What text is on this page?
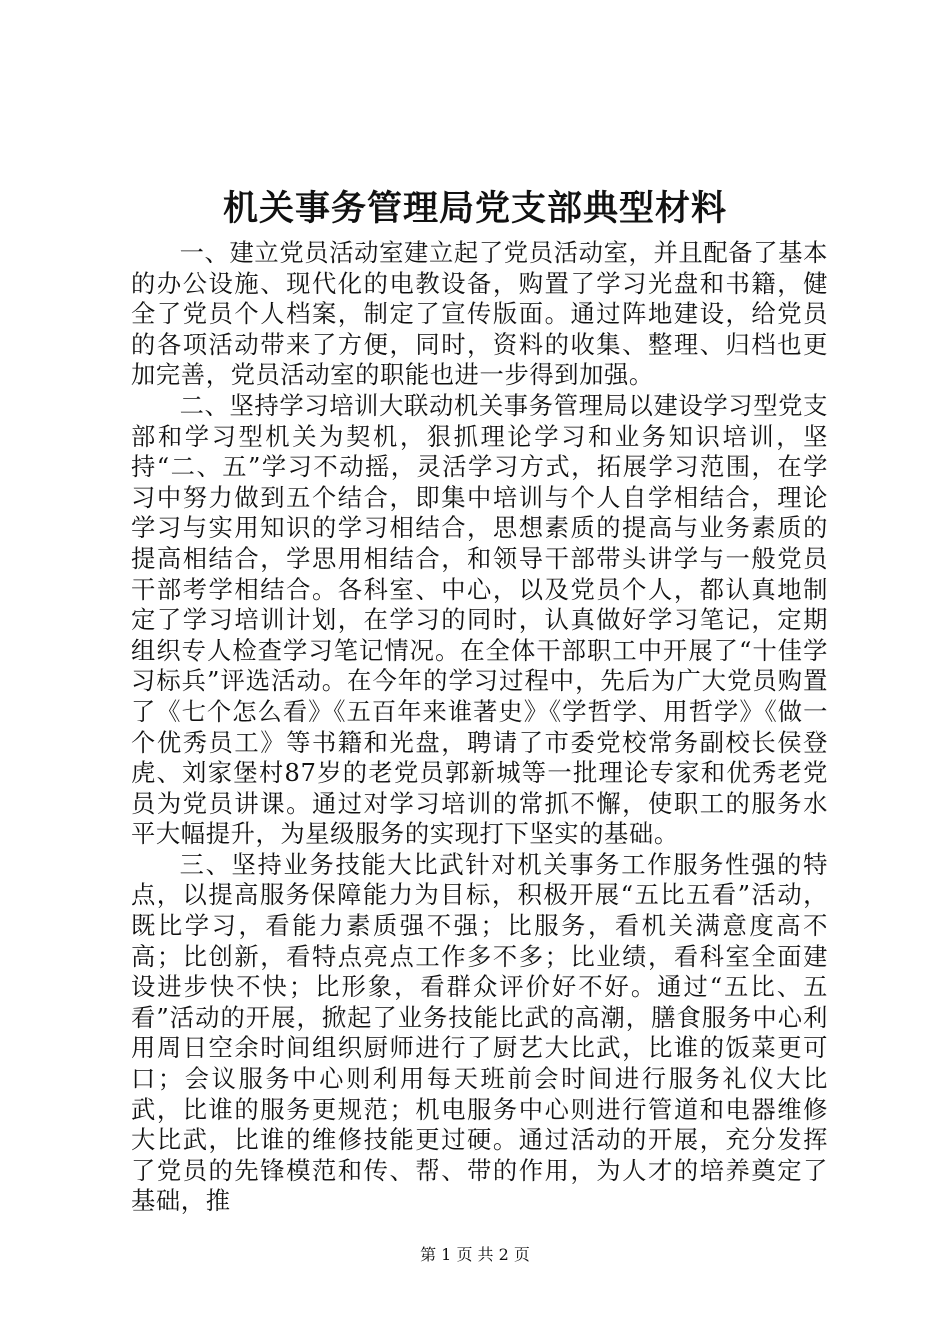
机关事务管理局党支部典型材料

一、建立党员活动室建立起了党员活动室，并且配备了基本的办公设施、现代化的电教设备，购置了学习光盘和书籍，健全了党员个人档案，制定了宣传版面。通过阵地建设，给党员的各项活动带来了方便，同时，资料的收集、整理、归档也更加完善，党员活动室的职能也进一步得到加强。

二、坚持学习培训大联动机关事务管理局以建设学习型党支部和学习型机关为契机，狠抓理论学习和业务知识培训，坚持“二、五”学习不动摇，灵活学习方式，拓展学习范围，在学习中努力做到五个结合，即集中培训与个人自学相结合，理论学习与实用知识的学习相结合，思想素质的提高与业务素质的提高相结合，学思用相结合，和领导干部带头讲学与一般党员干部考学相结合。各科室、中心，以及党员个人，都认真地制定了学习培训计划，在学习的同时，认真做好学习笔记，定期组织专人检查学习笔记情况。在全体干部职工中开展了“十佳学习标兵”评选活动。在今年的学习过程中，先后为广大党员购置了《七个怎么看》《五百年来谁著史》《学哲学、用哲学》《做一个优秀员工》等书籍和光盘，聘请了市委党校常务副校长侯登虎、刘家堡村87岁的老党员郭新城等一批理论专家和优秀老党员为党员讲课。通过对学习培训的常抓不懈，使职工的服务水平大幅提升，为星级服务的实现打下坚实的基础。

三、坚持业务技能大比武针对机关事务工作服务性强的特点，以提高服务保障能力为目标，积极开展“五比五看”活动，既比学习，看能力素质强不强；比服务，看机关满意度高不高；比创新，看特点亮点工作多不多；比业绩，看科室全面建设进步快不快；比形象，看群众评价好不好。通过“五比、五看”活动的开展，掀起了业务技能比武的高潮，膳食服务中心利用周日空余时间组织厨师进行了厨艺大比武，比谁的饭菜更可口；会议服务中心则利用每天班前会时间进行服务礼仪大比武，比谁的服务更规范；机电服务中心则进行管道和电器维修大比武，比谁的维修技能更过硬。通过活动的开展，充分发挥了党员的先锋模范和传、帮、带的作用，为人才的培养奠定了基础，推

第 1 页 共 2 页
